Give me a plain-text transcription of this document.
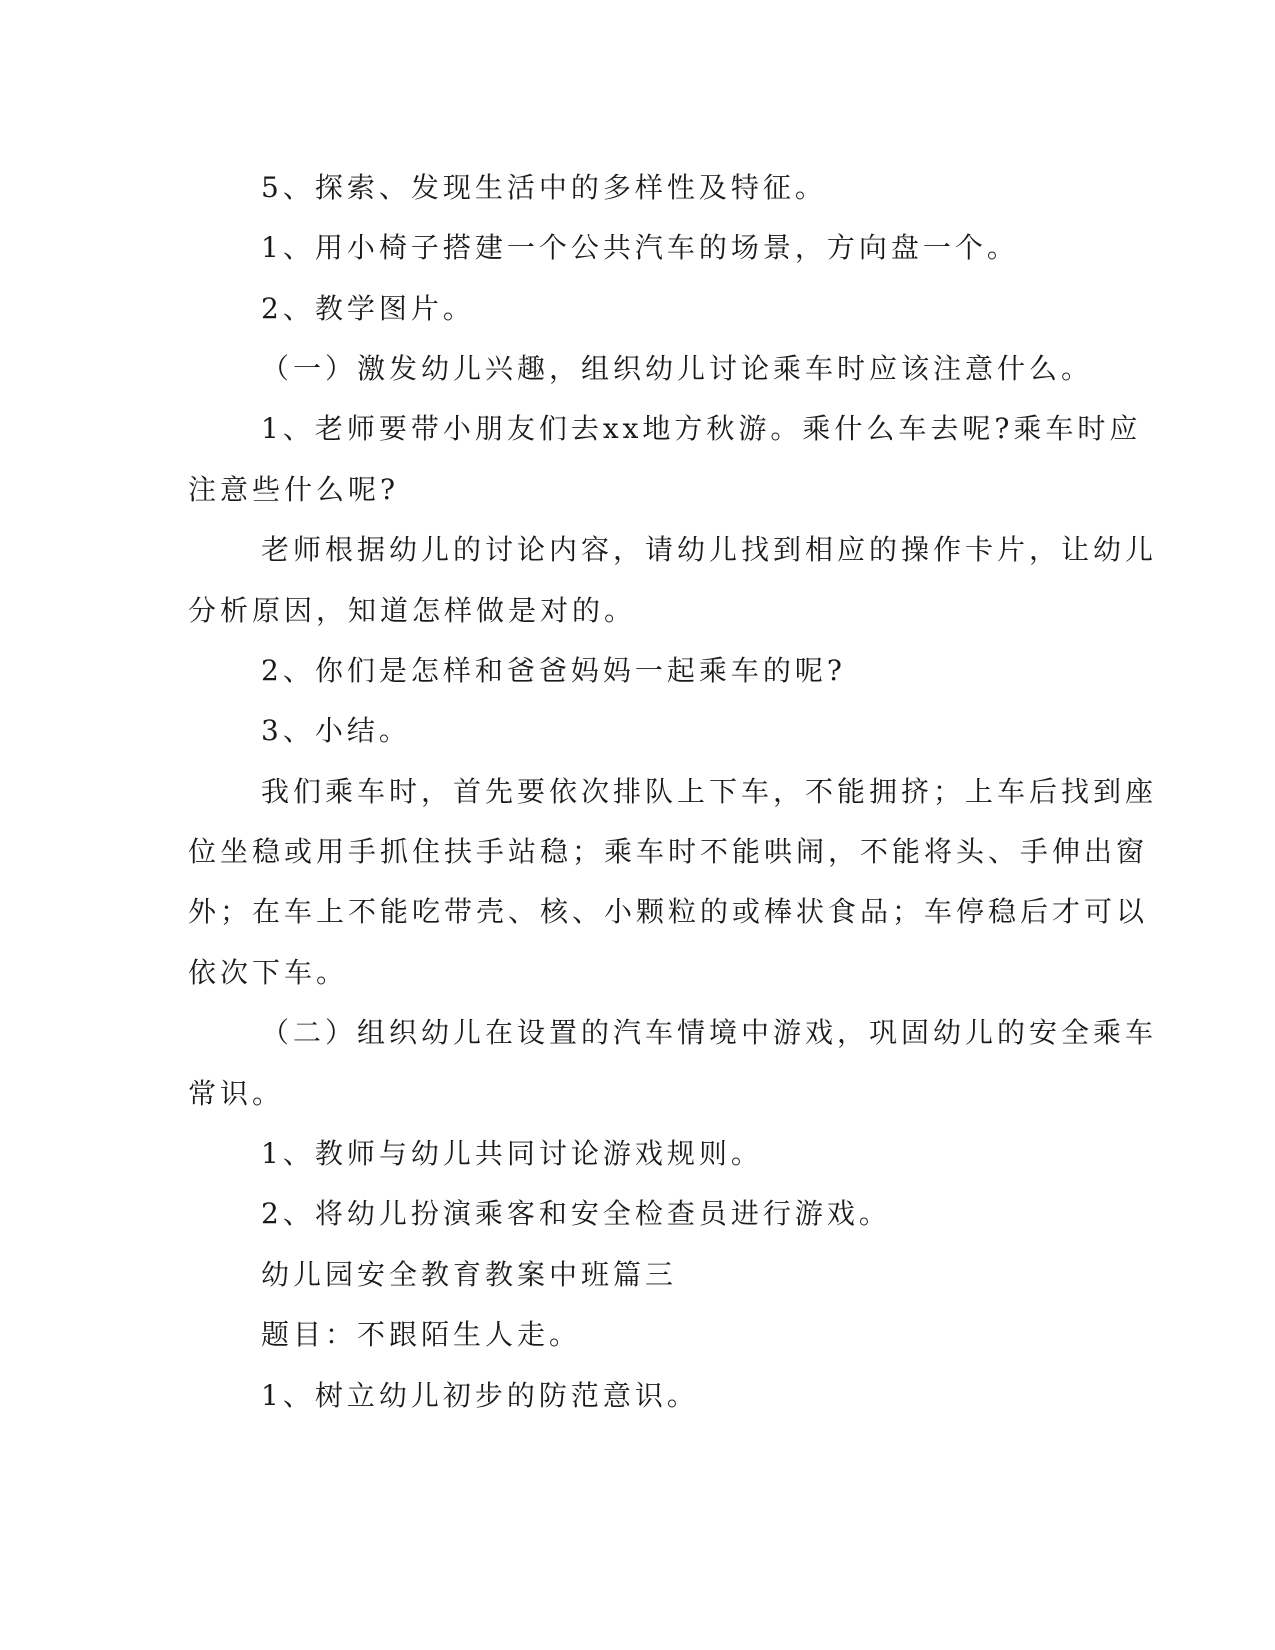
5、探索、发现生活中的多样性及特征。
1、用小椅子搭建一个公共汽车的场景，方向盘一个。
2、教学图片。
（一）激发幼儿兴趣，组织幼儿讨论乘车时应该注意什么。
1、老师要带小朋友们去xx地方秋游。乘什么车去呢?乘车时应
注意些什么呢?
老师根据幼儿的讨论内容，请幼儿找到相应的操作卡片，让幼儿
分析原因，知道怎样做是对的。
2、你们是怎样和爸爸妈妈一起乘车的呢?
3、小结。
我们乘车时，首先要依次排队上下车，不能拥挤；上车后找到座
位坐稳或用手抓住扶手站稳；乘车时不能哄闹，不能将头、手伸出窗
外；在车上不能吃带壳、核、小颗粒的或棒状食品；车停稳后才可以
依次下车。
（二）组织幼儿在设置的汽车情境中游戏，巩固幼儿的安全乘车
常识。
1、教师与幼儿共同讨论游戏规则。
2、将幼儿扮演乘客和安全检查员进行游戏。
幼儿园安全教育教案中班篇三
题目：不跟陌生人走。
1、树立幼儿初步的防范意识。
